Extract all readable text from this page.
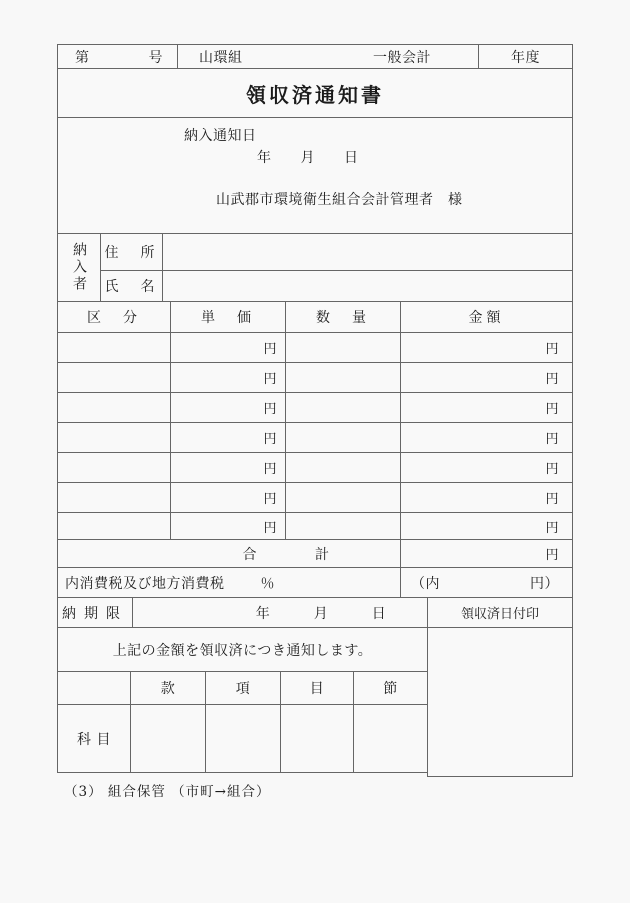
第	号	山環組	一般会計	年度
領収済通知書
納入通知日
年　　月　　日
山武郡市環境衛生組合会計管理者　様
納入者 住　所
氏　名
区　分	単　価	数　量	金額
円	円
円	円
円	円
円	円
円	円
円	円
円	円
合　　　　計	円
内消費税及び地方消費税	％	（内	円）
納期限	年　　　月　　　日	領収済日付印
上記の金額を領収済につき通知します。
款	項	目	節
科 目
（3） 組合保管 （市町→組合）
